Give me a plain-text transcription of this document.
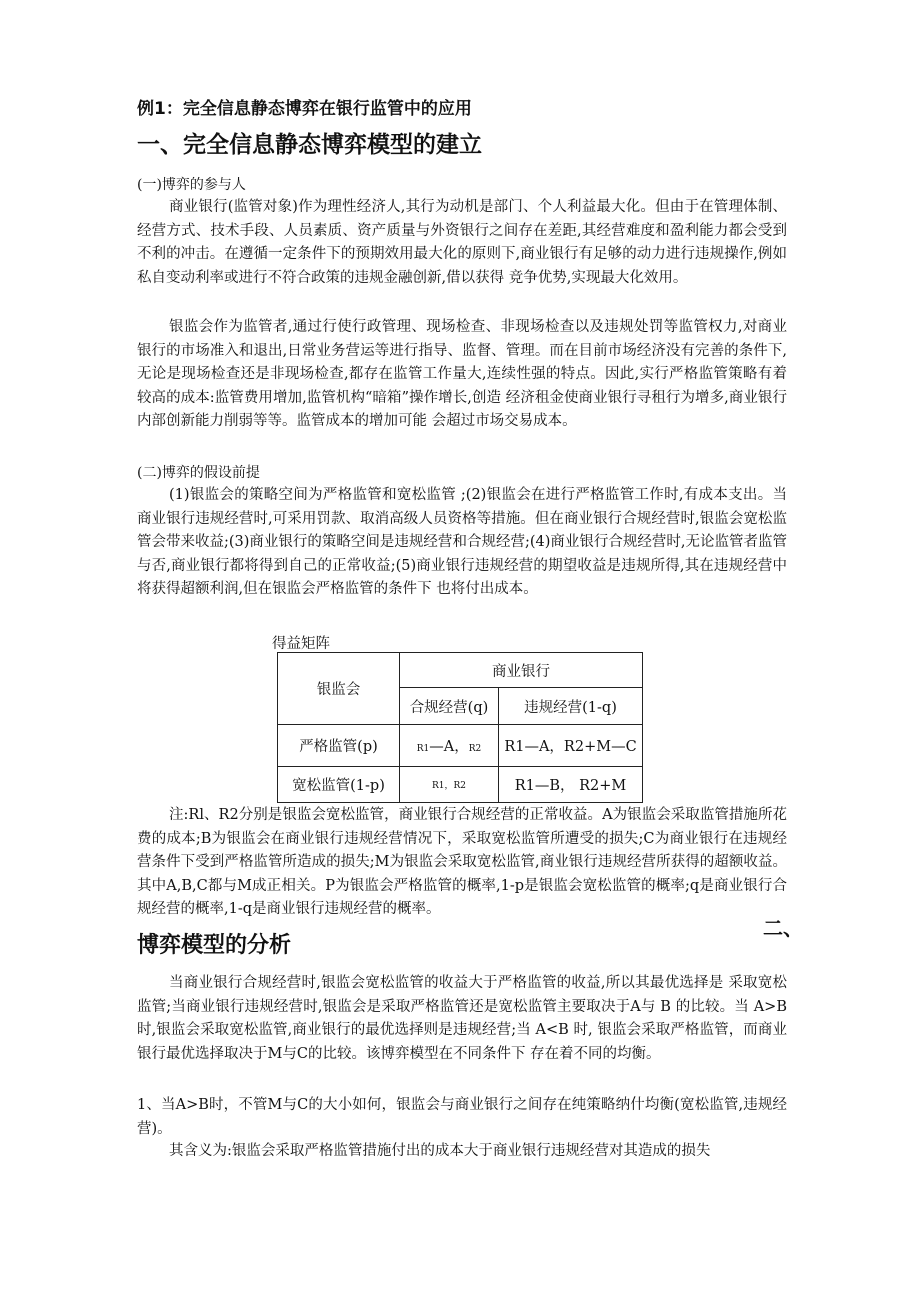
例1：完全信息静态博弈在银行监管中的应用
一、完全信息静态博弈模型的建立
(一)博弈的参与人
商业银行(监管对象)作为理性经济人,其行为动机是部门、个人利益最大化。但由于在管理体制、经营方式、技术手段、人员素质、资产质量与外资银行之间存在差距,其经营难度和盈利能力都会受到不利的冲击。在遵循一定条件下的预期效用最大化的原则下,商业银行有足够的动力进行违规操作,例如私自变动利率或进行不符合政策的违规金融创新,借以获得 竞争优势,实现最大化效用。
银监会作为监管者,通过行使行政管理、现场检查、非现场检查以及违规处罚等监管权力,对商业银行的市场准入和退出,日常业务营运等进行指导、监督、管理。而在目前市场经济没有完善的条件下,无论是现场检查还是非现场检查,都存在监管工作量大,连续性强的特点。因此,实行严格监管策略有着较高的成本:监管费用增加,监管机构“暗箱”操作增长,创造 经济租金使商业银行寻租行为增多,商业银行内部创新能力削弱等等。监管成本的增加可能 会超过市场交易成本。
(二)博弈的假设前提
(1)银监会的策略空间为严格监管和宽松监管 ;(2)银监会在进行严格监管工作时,有成本支出。当商业银行违规经营时,可采用罚款、取消高级人员资格等措施。但在商业银行合规经营时,银监会宽松监管会带来收益;(3)商业银行的策略空间是违规经营和合规经营;(4)商业银行合规经营时,无论监管者监管与否,商业银行都将得到自己的正常收益;(5)商业银行违规经营的期望收益是违规所得,其在违规经营中将获得超额利润,但在银监会严格监管的条件下 也将付出成本。
得益矩阵
银监会	商业银行	
	合规经营(q)	违规经营(1-q)
严格监管(p)	R1—A，R2	R1—A，R2+M—C
宽松监管(1-p)	R1，R2	R1—B， R2+M
注:Rl、R2分别是银监会宽松监管，商业银行合规经营的正常收益。A为银监会采取监管措施所花费的成本;B为银监会在商业银行违规经营情况下，采取宽松监管所遭受的损失;C为商业银行在违规经营条件下受到严格监管所造成的损失;M为银监会采取宽松监管,商业银行违规经营所获得的超额收益。其中A,B,C都与M成正相关。P为银监会严格监管的概率,1-p是银监会宽松监管的概率;q是商业银行合规经营的概率,1-q是商业银行违规经营的概率。
二、
博弈模型的分析
当商业银行合规经营时,银监会宽松监管的收益大于严格监管的收益,所以其最优选择是 采取宽松监管;当商业银行违规经营时,银监会是采取严格监管还是宽松监管主要取决于A与 B 的比较。当 A>B 时,银监会采取宽松监管,商业银行的最优选择则是违规经营;当 A<B 时, 银监会采取严格监管，而商业银行最优选择取决于M与C的比较。该博弈模型在不同条件下 存在着不同的均衡。
1、当A>B时，不管M与C的大小如何，银监会与商业银行之间存在纯策略纳什均衡(宽松监管,违规经营)。
其含义为:银监会采取严格监管措施付出的成本大于商业银行违规经营对其造成的损失
